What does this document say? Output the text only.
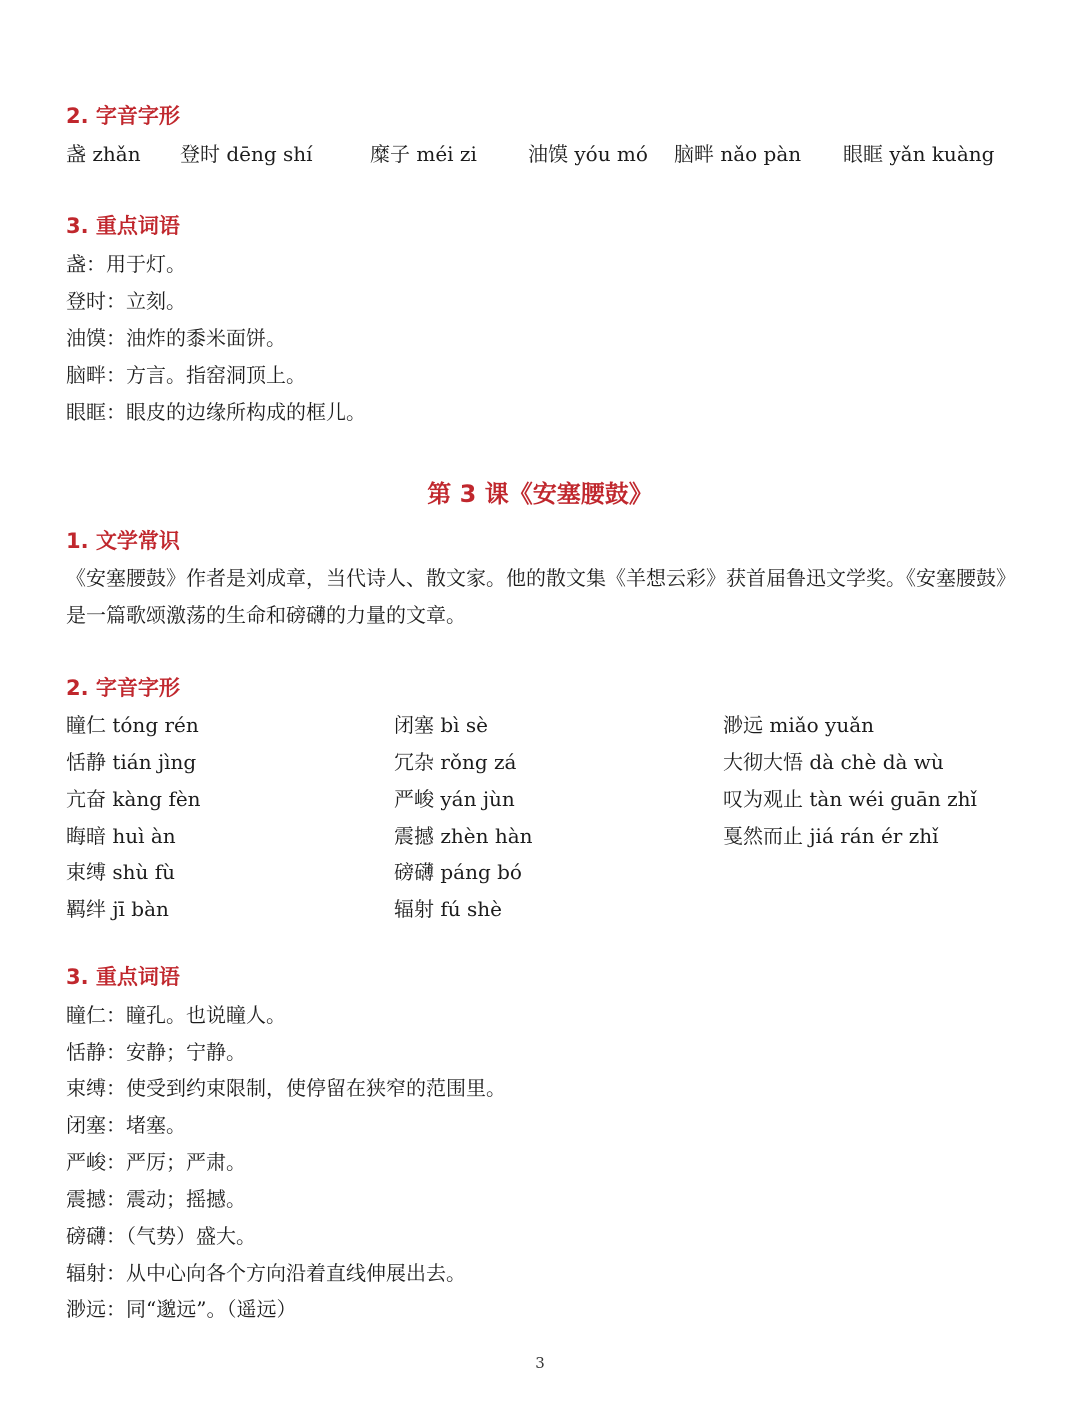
2. 字音字形
盏 zhǎn 登时 dēng shí	糜子 méi zi	油馍 yóu mó 脑畔 nǎo pàn 眼眶 yǎn kuàng
3. 重点词语
盏：用于灯。
登时：立刻。
油馍：油炸的黍米面饼。
脑畔：方言。指窑洞顶上。
眼眶：眼皮的边缘所构成的框儿。
第 3 课《安塞腰鼓》
1. 文学常识
《安塞腰鼓》作者是刘成章，当代诗人、散文家。他的散文集《羊想云彩》获首届鲁迅文学奖。《安塞腰鼓》是一篇歌颂激荡的生命和磅礴的力量的文章。
2. 字音字形
瞳仁 tóng rén
恬静 tián jìng
亢奋 kàng fèn
晦暗 huì àn
束缚 shù fù
羁绊 jī bàn
闭塞 bì sè
冗杂 rǒng zá
严峻 yán jùn
震撼 zhèn hàn
磅礴 páng bó
辐射 fú shè
渺远 miǎo yuǎn
大彻大悟 dà chè dà wù
叹为观止 tàn wéi guān zhǐ
戛然而止 jiá rán ér zhǐ
3. 重点词语
瞳仁：瞳孔。也说瞳人。
恬静：安静；宁静。
束缚：使受到约束限制，使停留在狭窄的范围里。
闭塞：堵塞。
严峻：严厉；严肃。
震撼：震动；摇撼。
磅礴：（气势）盛大。
辐射：从中心向各个方向沿着直线伸展出去。
渺远：同“邈远”。（遥远）
3
